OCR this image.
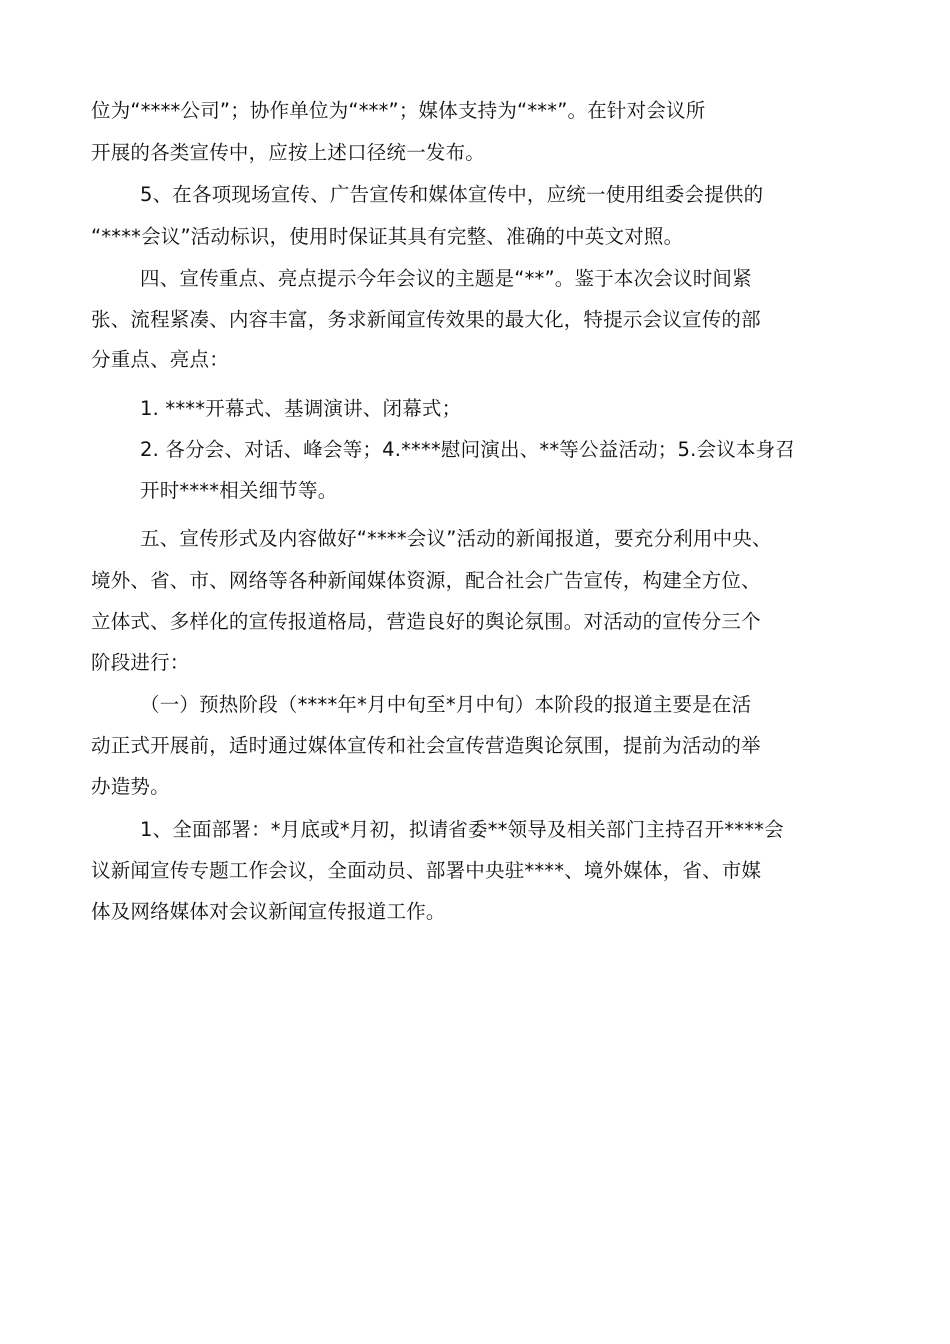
位为“****公司”；协作单位为“***”；媒体支持为“***”。在针对会议所
开展的各类宣传中，应按上述口径统一发布。
5、在各项现场宣传、广告宣传和媒体宣传中，应统一使用组委会提供的
“****会议”活动标识，使用时保证其具有完整、准确的中英文对照。
四、宣传重点、亮点提示今年会议的主题是“**”。鉴于本次会议时间紧
张、流程紧凑、内容丰富，务求新闻宣传效果的最大化，特提示会议宣传的部
分重点、亮点：
1. ****开幕式、基调演讲、闭幕式；
2. 各分会、对话、峰会等；4.****慰问演出、**等公益活动；5.会议本身召
开时****相关细节等。
五、宣传形式及内容做好“****会议”活动的新闻报道，要充分利用中央、
境外、省、市、网络等各种新闻媒体资源，配合社会广告宣传，构建全方位、
立体式、多样化的宣传报道格局，营造良好的舆论氛围。对活动的宣传分三个
阶段进行：
（一）预热阶段（****年*月中旬至*月中旬）本阶段的报道主要是在活
动正式开展前，适时通过媒体宣传和社会宣传营造舆论氛围，提前为活动的举
办造势。
1、全面部署：*月底或*月初，拟请省委**领导及相关部门主持召开****会
议新闻宣传专题工作会议，全面动员、部署中央驻****、境外媒体，省、市媒
体及网络媒体对会议新闻宣传报道工作。
